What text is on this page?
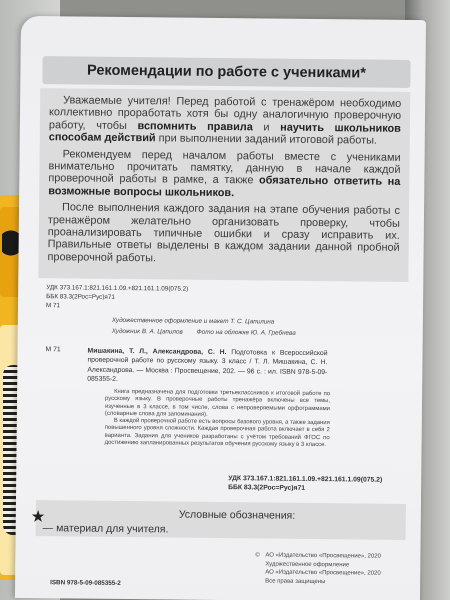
Рекомендации по работе с учениками*

Уважаемые учителя! Перед работой с тренажёром необходимо коллективно проработать хотя бы одну аналогичную проверочную работу, чтобы вспомнить правила и научить школьников способам действий при выполнении заданий итоговой работы.

Рекомендуем перед началом работы вместе с учениками внимательно прочитать памятку, данную в начале каждой проверочной работы в рамке, а также обязательно ответить на возможные вопросы школьников.

После выполнения каждого задания на этапе обучения работы с тренажёром желательно организовать проверку, чтобы проанализировать типичные ошибки и сразу исправить их. Правильные ответы выделены в каждом задании данной пробной проверочной работы.

УДК 373.167.1:821.161.1.09.+821.161.1.09(075.2)
ББК 83.3(2Рос=Рус)я71
М 71
Художественное оформление и макет Т. С. Цапилина
Художник В. А. Цапилов Фото на обложке Ю. А. Гребнева
М 71	Мишакина, Т. Л., Александрова, С. Н. Подготовка к Всероссийской проверочной работе по русскому языку. 3 класс / Т. Л. Мишакина, С. Н. Александрова. — Москва : Просвещение, 202. — 96 с. : ил. ISBN 978-5-09-085355-2.

Книга предназначена для подготовки третьеклассников к итоговой работе по русскому языку. В проверочные работы тренажёра включены все темы, изученные в 3 классе, в том числе, слова с непроверяемыми орфограммами (словарные слова для запоминания).

В каждой проверочной работе есть вопросы базового уровня, а также задания повышенного уровня сложности. Каждая проверочная работа включает в себя 2 варианта. Задания для учеников разработаны с учётом требований ФГОС по достижению запланированных результатов обучения русскому языку в 3 классе.

УДК 373.167.1:821.161.1.09.+821.161.1.09(075.2)
ББК 83.3(2Рос=Рус)я71
★	Условные обозначения:
— материал для учителя.
ISBN 978-5-09-085355-2
© АО «Издательство «Просвещение», 2020
Художественное оформление
АО «Издательство «Просвещение», 2020
Все права защищены
